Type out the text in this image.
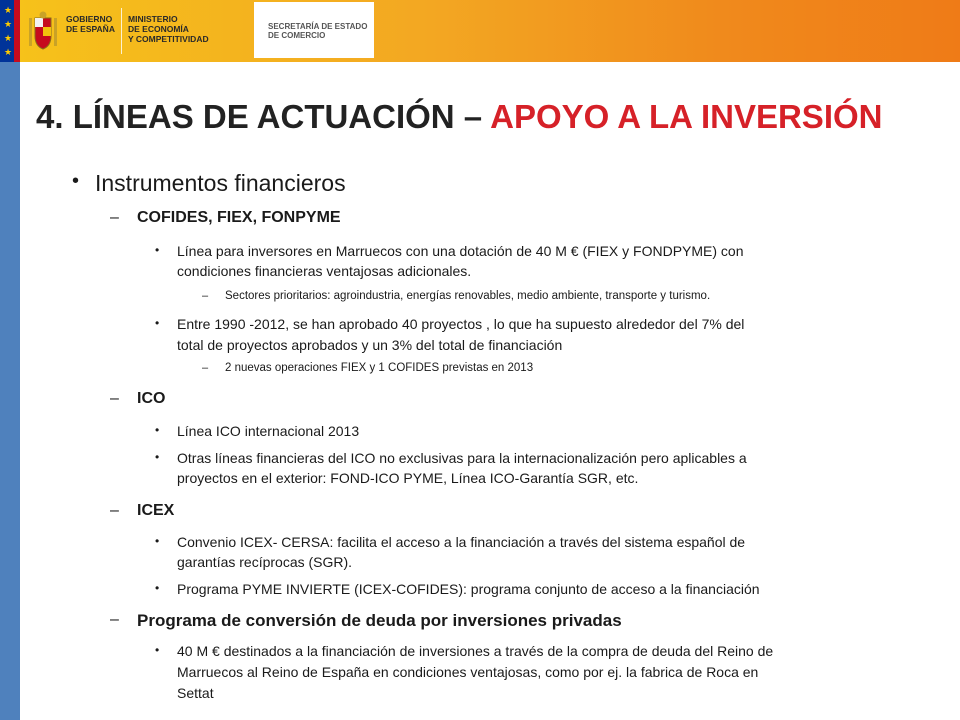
★
★
★
★
GOBIERNO
DE ESPAÑA
MINISTERIO
DE ECONOMÍA
Y COMPETITIVIDAD
SECRETARÍA DE ESTADO
DE COMERCIO
4. LÍNEAS DE ACTUACIÓN – APOYO A LA INVERSIÓN
• Instrumentos financieros
– COFIDES, FIEX, FONPYME
• Línea para inversores en Marruecos con una dotación de 40 M € (FIEX y FONDPYME) con
condiciones financieras ventajosas adicionales.
– Sectores prioritarios: agroindustria, energías renovables, medio ambiente, transporte y turismo.
• Entre 1990 -2012, se han aprobado 40 proyectos , lo que ha supuesto alrededor del 7% del
total de proyectos aprobados y un 3% del total de financiación
– 2 nuevas operaciones FIEX y 1 COFIDES previstas en 2013
– ICO
• Línea ICO internacional 2013
• Otras líneas financieras del ICO no exclusivas para la internacionalización pero aplicables a
proyectos en el exterior: FOND-ICO PYME, Línea ICO-Garantía SGR, etc.
– ICEX
• Convenio ICEX- CERSA: facilita el acceso a la financiación a través del sistema español de
garantías recíprocas (SGR).
• Programa PYME INVIERTE (ICEX-COFIDES): programa conjunto de acceso a la financiación
– Programa de conversión de deuda por inversiones privadas
• 40 M € destinados a la financiación de inversiones a través de la compra de deuda del Reino de
Marruecos al Reino de España en condiciones ventajosas, como por ej. la fabrica de Roca en
Settat
